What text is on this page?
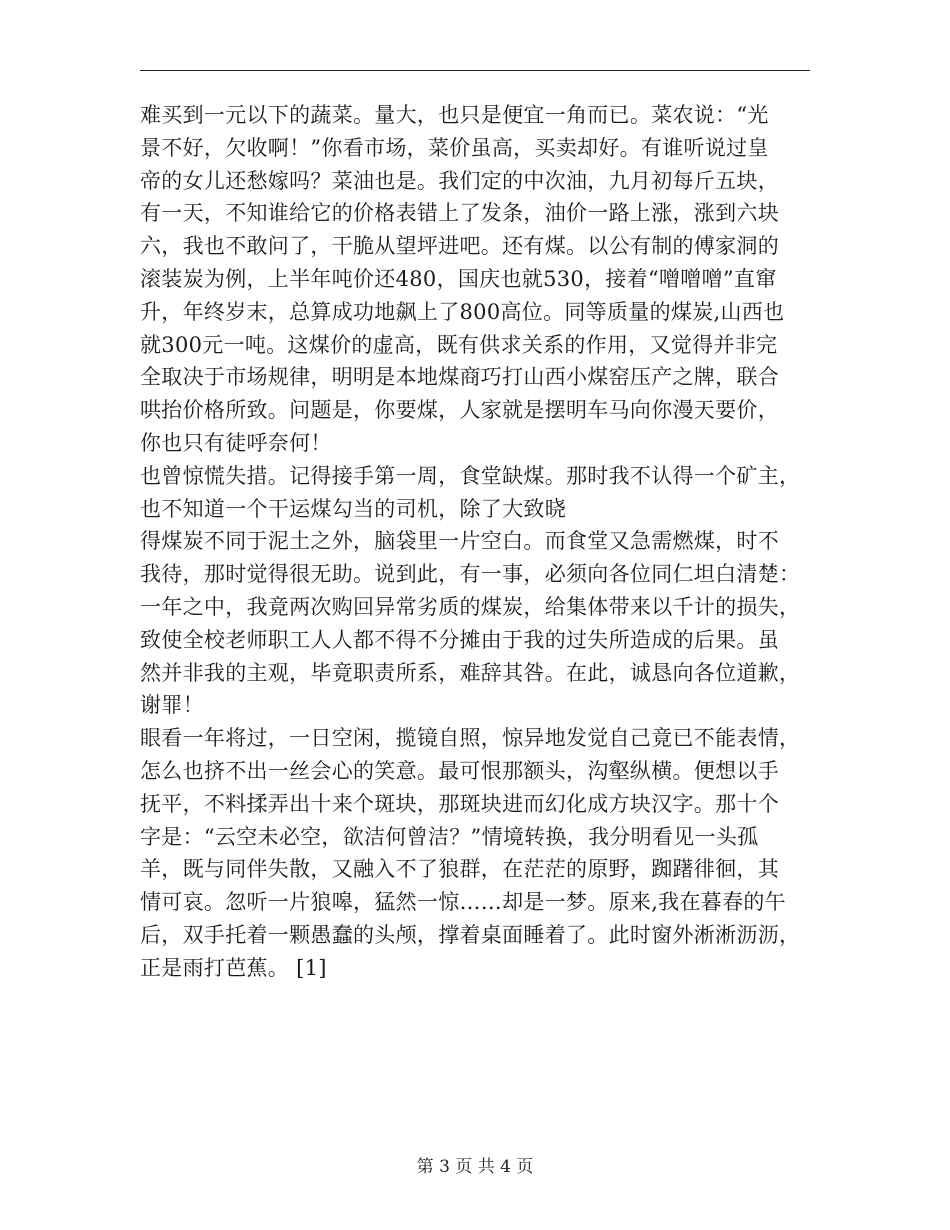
难买到一元以下的蔬菜。量大，也只是便宜一角而已。菜农说：“光
景不好，欠收啊！”你看市场，菜价虽高，买卖却好。有谁听说过皇
帝的女儿还愁嫁吗？菜油也是。我们定的中次油，九月初每斤五块，
有一天，不知谁给它的价格表错上了发条，油价一路上涨，涨到六块
六，我也不敢问了，干脆从望坪进吧。还有煤。以公有制的傅家洞的
滚装炭为例，上半年吨价还480，国庆也就530，接着“噌噌噌”直窜
升，年终岁末，总算成功地飙上了800高位。同等质量的煤炭,山西也
就300元一吨。这煤价的虚高，既有供求关系的作用，又觉得并非完
全取决于市场规律，明明是本地煤商巧打山西小煤窑压产之牌，联合
哄抬价格所致。问题是，你要煤，人家就是摆明车马向你漫天要价，
你也只有徒呼奈何！
也曾惊慌失措。记得接手第一周，食堂缺煤。那时我不认得一个矿主，
也不知道一个干运煤勾当的司机，除了大致晓
得煤炭不同于泥土之外，脑袋里一片空白。而食堂又急需燃煤，时不
我待，那时觉得很无助。说到此，有一事，必须向各位同仁坦白清楚：
一年之中，我竟两次购回异常劣质的煤炭，给集体带来以千计的损失，
致使全校老师职工人人都不得不分摊由于我的过失所造成的后果。虽
然并非我的主观，毕竟职责所系，难辞其咎。在此，诚恳向各位道歉，
谢罪！
眼看一年将过，一日空闲，揽镜自照，惊异地发觉自己竟已不能表情，
怎么也挤不出一丝会心的笑意。最可恨那额头，沟壑纵横。便想以手
抚平，不料揉弄出十来个斑块，那斑块进而幻化成方块汉字。那十个
字是：“云空未必空，欲洁何曾洁？”情境转换，我分明看见一头孤
羊，既与同伴失散，又融入不了狼群，在茫茫的原野，踟躇徘徊，其
情可哀。忽听一片狼嗥，猛然一惊……却是一梦。原来,我在暮春的午
后，双手托着一颗愚蠢的头颅，撑着桌面睡着了。此时窗外淅淅沥沥，
正是雨打芭蕉。 [1]
第 3 页 共 4 页
